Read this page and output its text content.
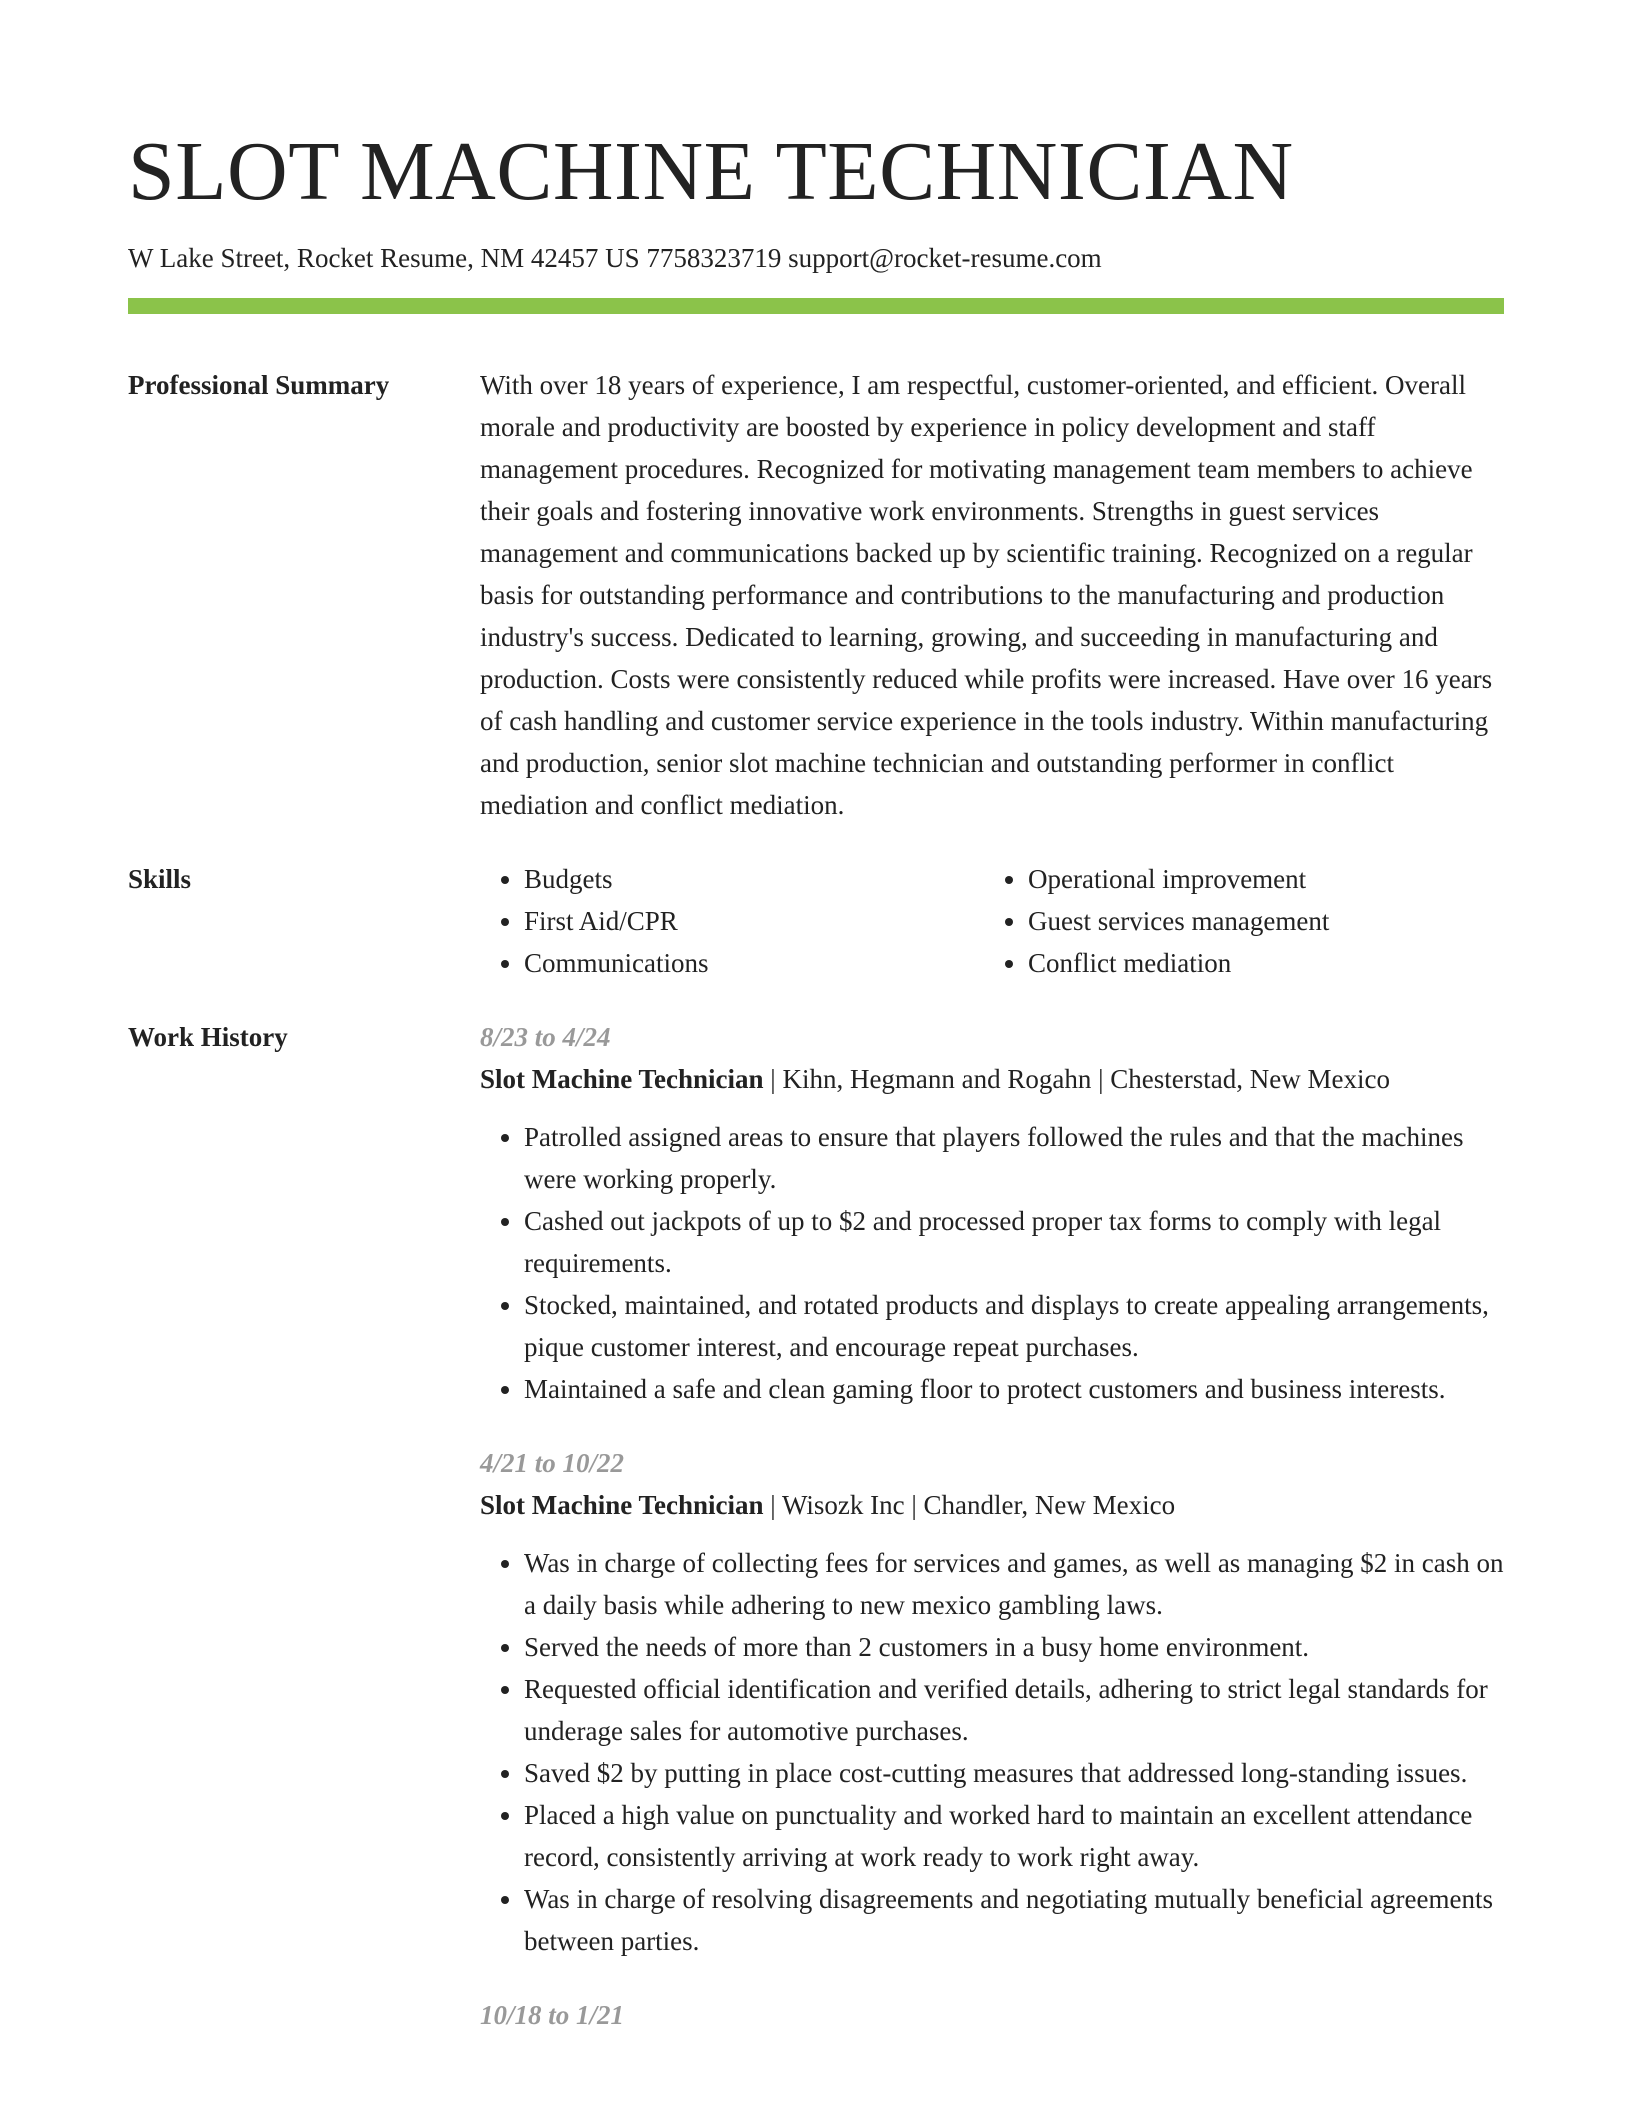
SLOT MACHINE TECHNICIAN
W Lake Street, Rocket Resume, NM 42457 US 7758323719 support@rocket-resume.com
Professional Summary	With over 18 years of experience, I am respectful, customer-oriented, and efficient. Overall morale and productivity are boosted by experience in policy development and staff management procedures. Recognized for motivating management team members to achieve their goals and fostering innovative work environments. Strengths in guest services management and communications backed up by scientific training. Recognized on a regular basis for outstanding performance and contributions to the manufacturing and production industry's success. Dedicated to learning, growing, and succeeding in manufacturing and production. Costs were consistently reduced while profits were increased. Have over 16 years of cash handling and customer service experience in the tools industry. Within manufacturing and production, senior slot machine technician and outstanding performer in conflict mediation and conflict mediation.
Skills
•	Budgets
• First Aid/CPR
• Communications
• Operational improvement
• Guest services management
• Conflict mediation
Work History	8/23 to 4/24
Slot Machine Technician | Kihn, Hegmann and Rogahn | Chesterstad, New Mexico
• Patrolled assigned areas to ensure that players followed the rules and that the machines were working properly.
• Cashed out jackpots of up to $2 and processed proper tax forms to comply with legal requirements.
• Stocked, maintained, and rotated products and displays to create appealing arrangements, pique customer interest, and encourage repeat purchases.
• Maintained a safe and clean gaming floor to protect customers and business interests.
4/21 to 10/22
Slot Machine Technician | Wisozk Inc | Chandler, New Mexico
• Was in charge of collecting fees for services and games, as well as managing $2 in cash on a daily basis while adhering to new mexico gambling laws.
• Served the needs of more than 2 customers in a busy home environment.
• Requested official identification and verified details, adhering to strict legal standards for underage sales for automotive purchases.
• Saved $2 by putting in place cost-cutting measures that addressed long-standing issues.
• Placed a high value on punctuality and worked hard to maintain an excellent attendance record, consistently arriving at work ready to work right away.
• Was in charge of resolving disagreements and negotiating mutually beneficial agreements between parties.
10/18 to 1/21
